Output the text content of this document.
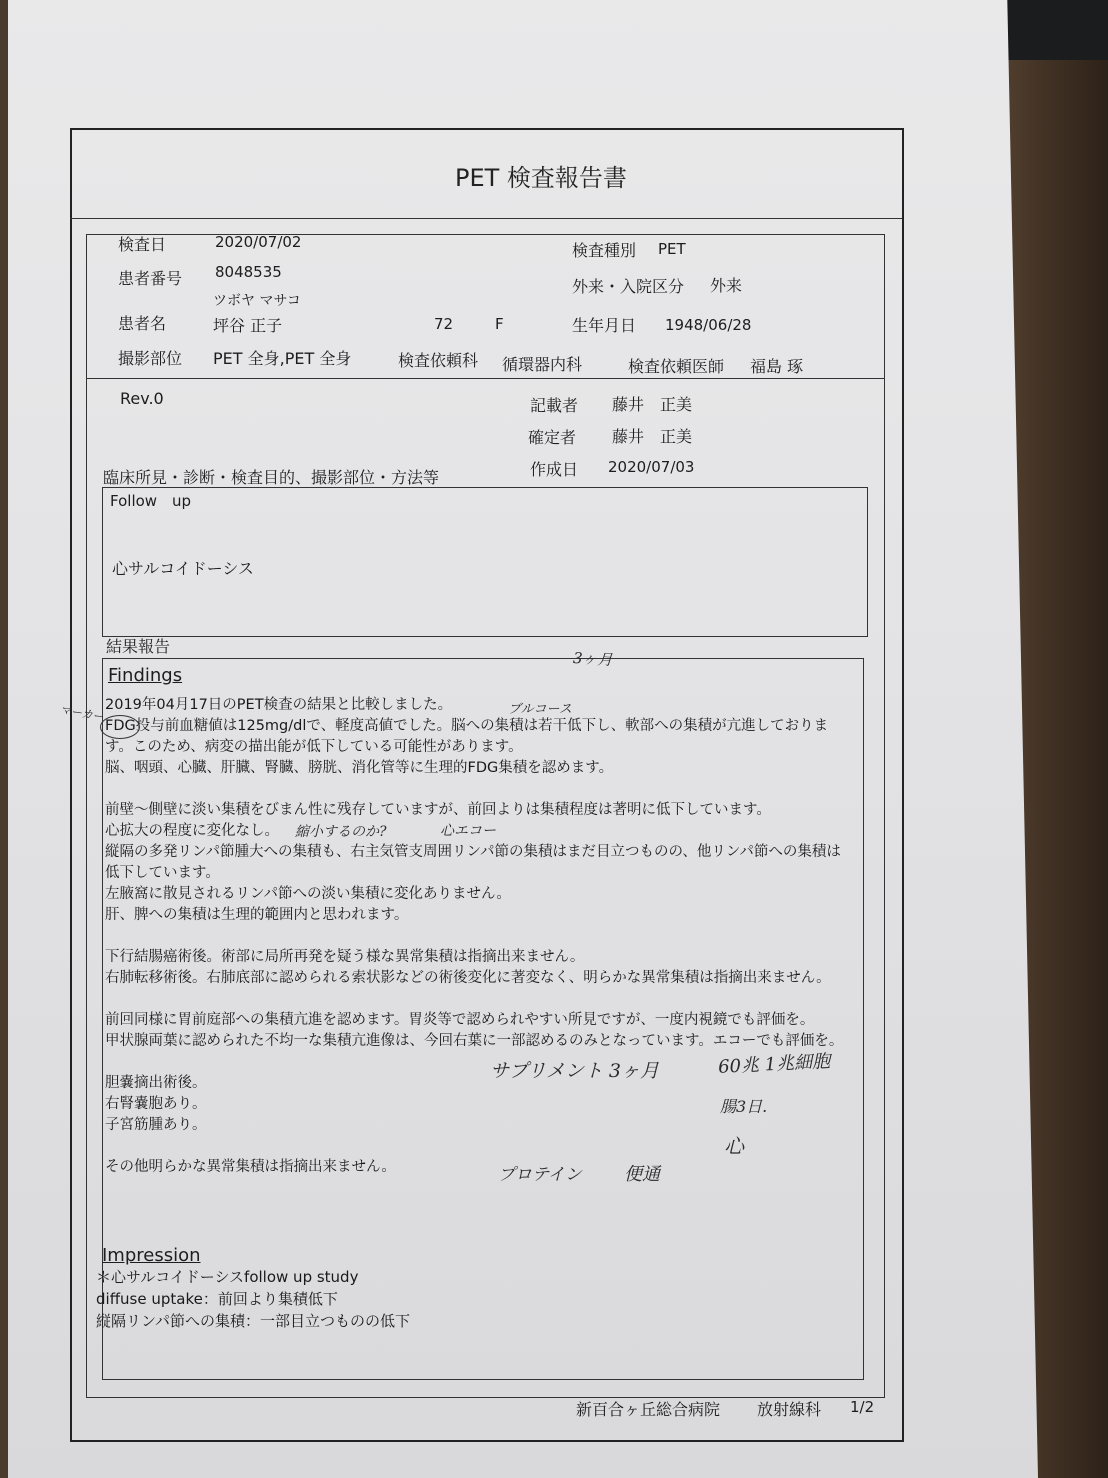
PET 検査報告書
検査日	2020/07/02	検査種別 PET
患者番号 8048535
外来・入院区分 外来
ツボヤ マサコ
患者名	坪谷 正子	72	F	生年月日 1948/06/28
撮影部位 PET 全身,PET 全身	検査依頼科 循環器内科	検査依頼医師 福島 琢
Rev.0	記載者 藤井　正美
確定者 藤井　正美
作成日 2020/07/03
臨床所見・診断・検査目的、撮影部位・方法等
Follow　up
心サルコイドーシス
結果報告
Findings
2019年04月17日のPET検査の結果と比較しました。
FDG投与前血糖値は125mg/dlで、軽度高値でした。脳への集積は若干低下し、軟部への集積が亢進しておりま
す。このため、病変の描出能が低下している可能性があります。
脳、咽頭、心臓、肝臓、腎臓、膀胱、消化管等に生理的FDG集積を認めます。
前壁～側壁に淡い集積をびまん性に残存していますが、前回よりは集積程度は著明に低下しています。
心拡大の程度に変化なし。
縦隔の多発リンパ節腫大への集積も、右主気管支周囲リンパ節の集積はまだ目立つものの、他リンパ節への集積は
低下しています。
左腋窩に散見されるリンパ節への淡い集積に変化ありません。
肝、脾への集積は生理的範囲内と思われます。
下行結腸癌術後。術部に局所再発を疑う様な異常集積は指摘出来ません。
右肺転移術後。右肺底部に認められる索状影などの術後変化に著変なく、明らかな異常集積は指摘出来ません。
前回同様に胃前庭部への集積亢進を認めます。胃炎等で認められやすい所見ですが、一度内視鏡でも評価を。
甲状腺両葉に認められた不均一な集積亢進像は、今回右葉に一部認めるのみとなっています。エコーでも評価を。
胆嚢摘出術後。
右腎嚢胞あり。
子宮筋腫あり。
その他明らかな異常集積は指摘出来ません。
Impression
＊心サルコイドーシスfollow up study
diffuse uptake：前回より集積低下
縦隔リンパ節への集積：一部目立つものの低下
新百合ヶ丘総合病院 放射線科 1/2
3ヶ月
ブルコース
マーカー
縮小するのか?	心エコー
サプリメント 3ヶ月	60兆 1兆細胞
腸3日.
心
プロテイン 便通
